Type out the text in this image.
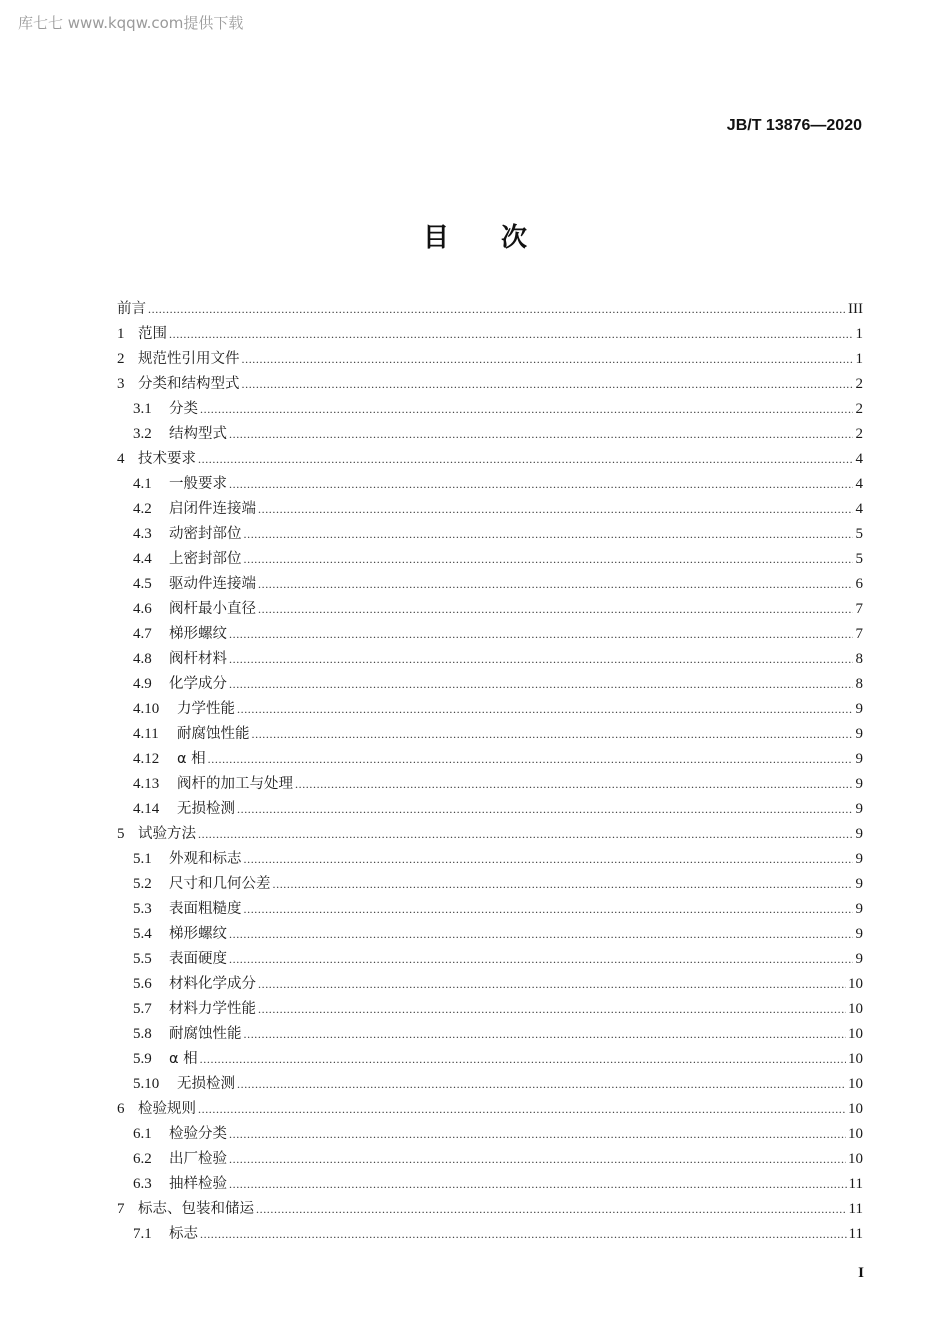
库七七 www.kqqw.com提供下载
JB/T 13876—2020
目次
前言 .....	III
1 范围 .....	1
2 规范性引用文件 .....	1
3 分类和结构型式 .....	2
3.1	分类 .....	2
3.2	结构型式 .....	2
4 技术要求 .....	4
4.1	一般要求 .....	4
4.2	启闭件连接端 .....	4
4.3	动密封部位 .....	5
4.4	上密封部位 .....	5
4.5	驱动件连接端 .....	6
4.6	阀杆最小直径 .....	7
4.7	梯形螺纹 .....	7
4.8	阀杆材料 .....	8
4.9	化学成分 .....	8
4.10	力学性能 .....	9
4.11	耐腐蚀性能 .....	9
4.12	α 相 .....	9
4.13	阀杆的加工与处理 .....	9
4.14	无损检测 .....	9
5 试验方法 .....	9
5.1	外观和标志 .....	9
5.2	尺寸和几何公差 .....	9
5.3	表面粗糙度 .....	9
5.4	梯形螺纹 .....	9
5.5	表面硬度 .....	9
5.6	材料化学成分 .....	10
5.7	材料力学性能 .....	10
5.8	耐腐蚀性能 .....	10
5.9	α 相 .....	10
5.10	无损检测 .....	10
6 检验规则 .....	10
6.1	检验分类 .....	10
6.2	出厂检验 .....	10
6.3	抽样检验 .....	11
7 标志、包装和储运 .....	11
7.1	标志 .....	11
I
